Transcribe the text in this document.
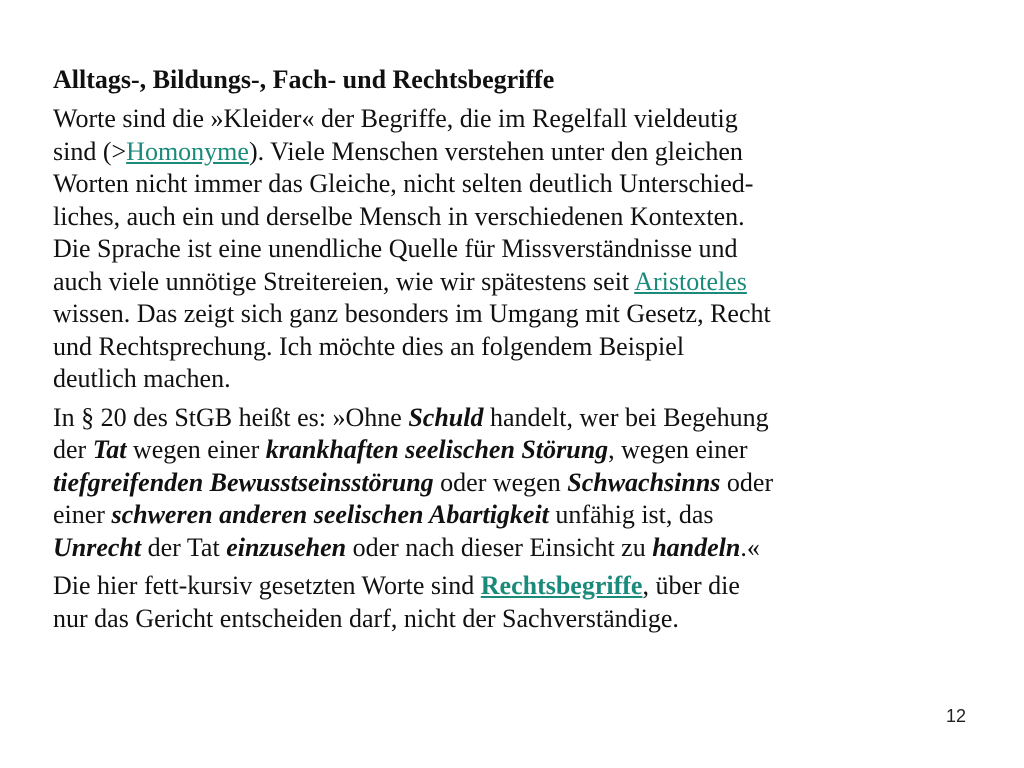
Alltags-, Bildungs-, Fach- und Rechtsbegriffe
Worte sind die »Kleider« der Begriffe, die im Regelfall vieldeutig
sind (>Homonyme). Viele Menschen verstehen unter den gleichen
Worten nicht immer das Gleiche, nicht selten deutlich Unterschied-
liches, auch ein und derselbe Mensch in verschiedenen Kontexten.
Die Sprache ist eine unendliche Quelle für Missverständnisse und
auch viele unnötige Streitereien, wie wir spätestens seit Aristoteles
wissen. Das zeigt sich ganz besonders im Umgang mit Gesetz, Recht
und Rechtsprechung. Ich möchte dies an folgendem Beispiel
deutlich machen.
In § 20 des StGB heißt es: »Ohne Schuld handelt, wer bei Begehung
der Tat wegen einer krankhaften seelischen Störung, wegen einer
tiefgreifenden Bewusstseinsstörung oder wegen Schwachsinns oder
einer schweren anderen seelischen Abartigkeit unfähig ist, das
Unrecht der Tat einzusehen oder nach dieser Einsicht zu handeln.«
Die hier fett-kursiv gesetzten Worte sind Rechtsbegriffe, über die
nur das Gericht entscheiden darf, nicht der Sachverständige.
12
